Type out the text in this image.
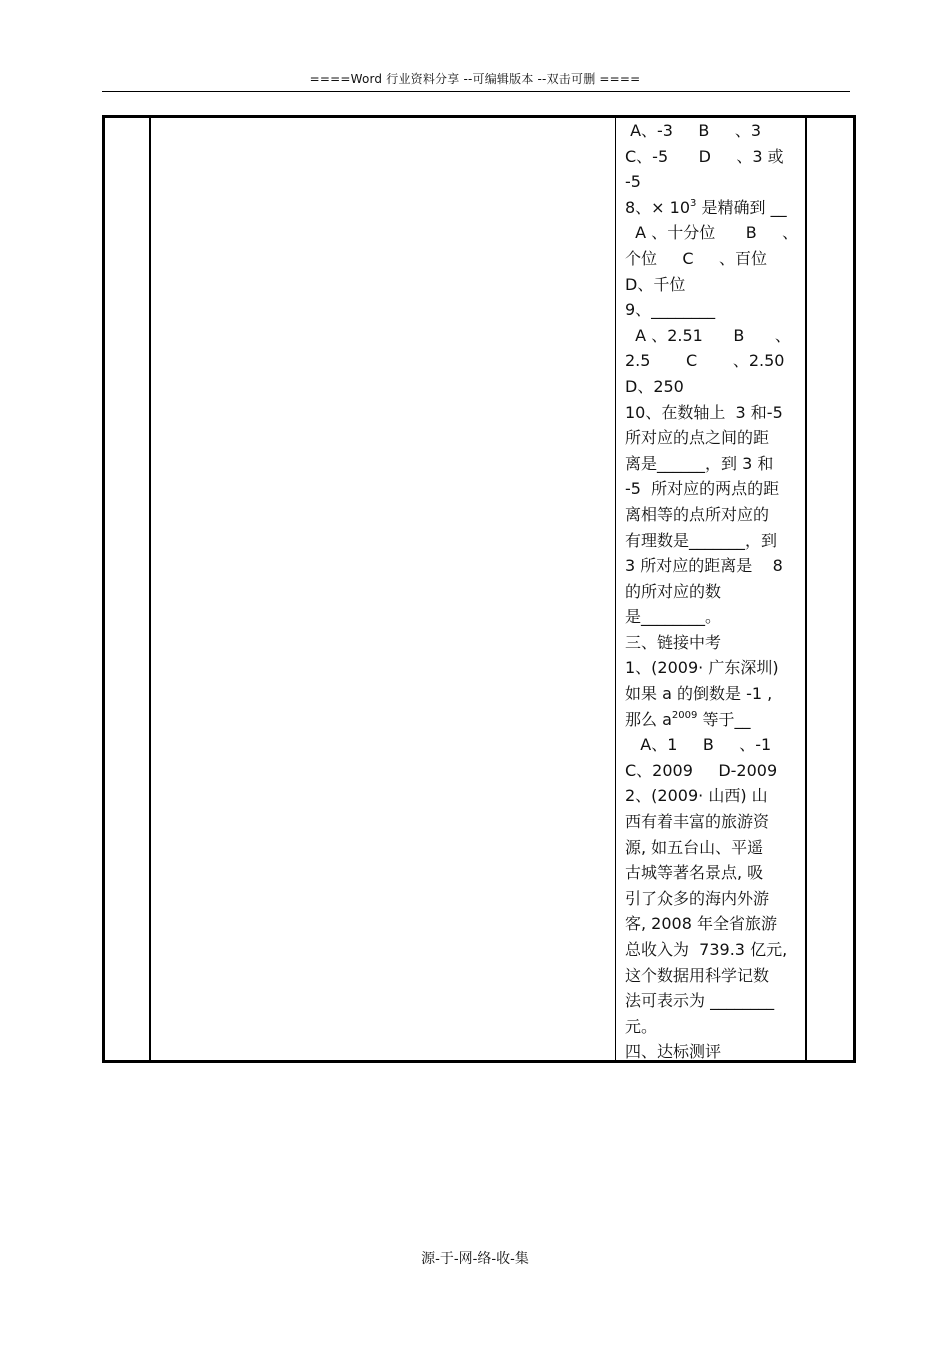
====Word 行业资料分享 --可编辑版本 --双击可删 ====
A、-3     B     、3
C、-5      D     、3 或
-5
8、× $10^3$ 是精确到 __
A 、十分位      B     、
个位     C     、百位
D、千位
9、________
A 、2.51      B      、
2.5       C       、2.50
D、250
10、在数轴上  3 和-5
所对应的点之间的距
离是______，到 3 和
-5  所对应的两点的距
离相等的点所对应的
有理数是_______，到
3 所对应的距离是    8
的所对应的数
是________。
三、链接中考
1、(2009· 广东深圳)
如果 a 的倒数是 -1 ,
那么 $a^{2009}$ 等于__
A、1     B     、-1
C、2009     D-2009
2、(2009· 山西) 山
西有着丰富的旅游资
源, 如五台山、平遥
古城等著名景点, 吸
引了众多的海内外游
客, 2008 年全省旅游
总收入为  739.3 亿元,
这个数据用科学记数
法可表示为 ________
元。
四、达标测评
源-于-网-络-收-集
